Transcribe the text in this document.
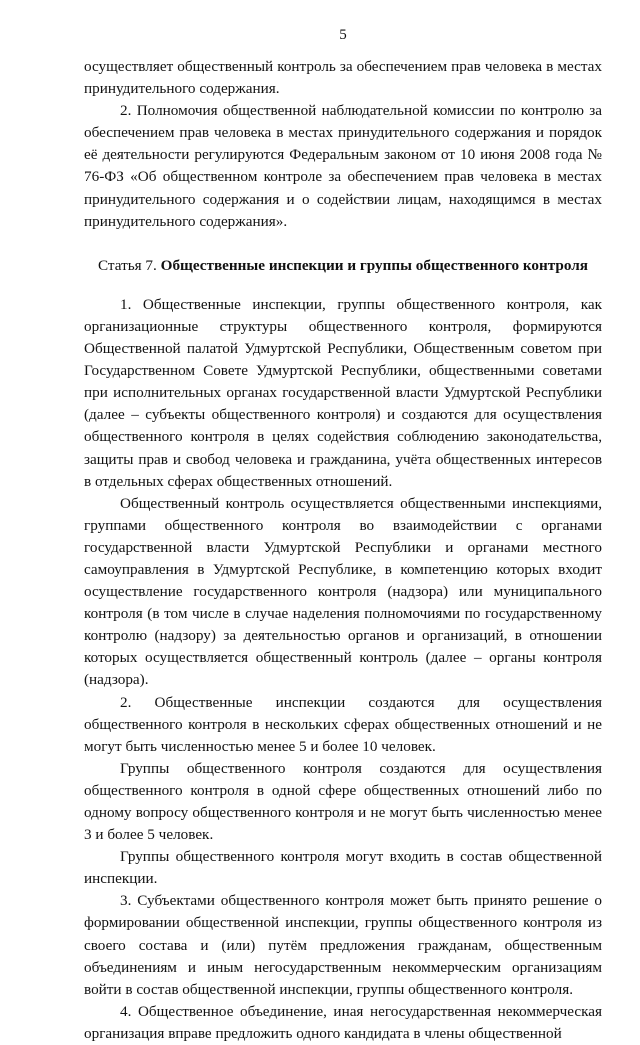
5

осуществляет общественный контроль за обеспечением прав человека в местах принудительного содержания.

2. Полномочия общественной наблюдательной комиссии по контролю за обеспечением прав человека в местах принудительного содержания и порядок её деятельности регулируются Федеральным законом от 10 июня 2008 года № 76-ФЗ «Об общественном контроле за обеспечением прав человека в местах принудительного содержания и о содействии лицам, находящимся в местах принудительного содержания».

Статья 7. Общественные инспекции и группы общественного контроля

1. Общественные инспекции, группы общественного контроля, как организационные структуры общественного контроля, формируются Общественной палатой Удмуртской Республики, Общественным советом при Государственном Совете Удмуртской Республики, общественными советами при исполнительных органах государственной власти Удмуртской Республики (далее – субъекты общественного контроля) и создаются для осуществления общественного контроля в целях содействия соблюдению законодательства, защиты прав и свобод человека и гражданина, учёта общественных интересов в отдельных сферах общественных отношений.

Общественный контроль осуществляется общественными инспекциями, группами общественного контроля во взаимодействии с органами государственной власти Удмуртской Республики и органами местного самоуправления в Удмуртской Республике, в компетенцию которых входит осуществление государственного контроля (надзора) или муниципального контроля (в том числе в случае наделения полномочиями по государственному контролю (надзору) за деятельностью органов и организаций, в отношении которых осуществляется общественный контроль (далее – органы контроля (надзора).

2. Общественные инспекции создаются для осуществления общественного контроля в нескольких сферах общественных отношений и не могут быть численностью менее 5 и более 10 человек.

Группы общественного контроля создаются для осуществления общественного контроля в одной сфере общественных отношений либо по одному вопросу общественного контроля и не могут быть численностью менее 3 и более 5 человек.

Группы общественного контроля могут входить в состав общественной инспекции.

3. Субъектами общественного контроля может быть принято решение о формировании общественной инспекции, группы общественного контроля из своего состава и (или) путём предложения гражданам, общественным объединениям и иным негосударственным некоммерческим организациям войти в состав общественной инспекции, группы общественного контроля.

4. Общественное объединение, иная негосударственная некоммерческая организация вправе предложить одного кандидата в члены общественной
